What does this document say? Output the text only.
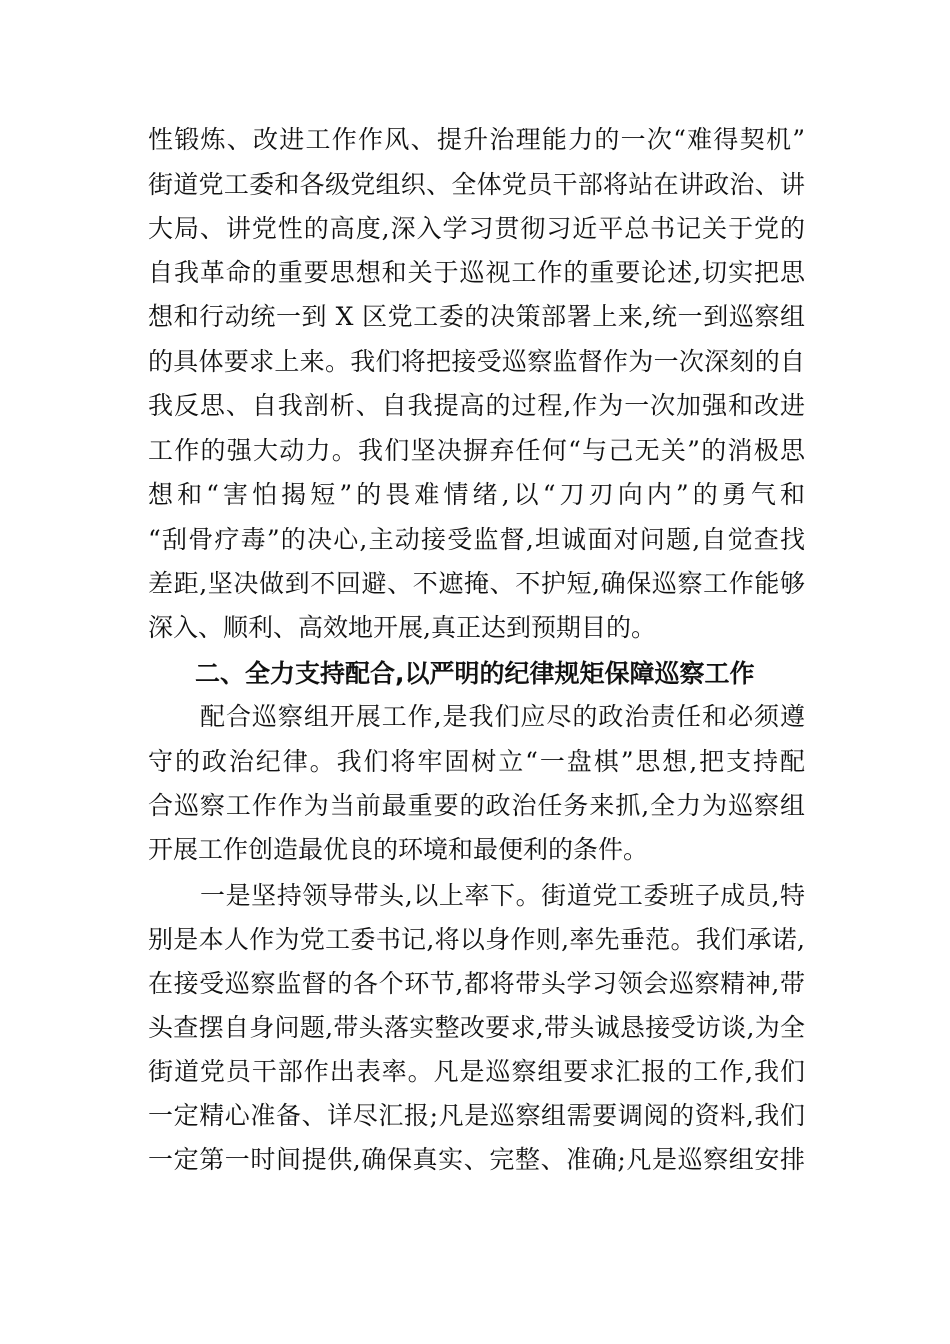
性锻炼、改进工作作风、提升治理能力的一次“难得契机”
街道党工委和各级党组织、全体党员干部将站在讲政治、讲
大局、讲党性的高度,深入学习贯彻习近平总书记关于党的
自我革命的重要思想和关于巡视工作的重要论述,切实把思
想和行动统一到 X 区党工委的决策部署上来,统一到巡察组
的具体要求上来。我们将把接受巡察监督作为一次深刻的自
我反思、自我剖析、自我提高的过程,作为一次加强和改进
工作的强大动力。我们坚决摒弃任何“与己无关”的消极思
想和“害怕揭短”的畏难情绪,以“刀刃向内”的勇气和
“刮骨疗毒”的决心,主动接受监督,坦诚面对问题,自觉查找
差距,坚决做到不回避、不遮掩、不护短,确保巡察工作能够
深入、顺利、高效地开展,真正达到预期目的。
二、全力支持配合,以严明的纪律规矩保障巡察工作
配合巡察组开展工作,是我们应尽的政治责任和必须遵
守的政治纪律。我们将牢固树立“一盘棋”思想,把支持配
合巡察工作作为当前最重要的政治任务来抓,全力为巡察组
开展工作创造最优良的环境和最便利的条件。
一是坚持领导带头,以上率下。街道党工委班子成员,特
别是本人作为党工委书记,将以身作则,率先垂范。我们承诺,
在接受巡察监督的各个环节,都将带头学习领会巡察精神,带
头查摆自身问题,带头落实整改要求,带头诚恳接受访谈,为全
街道党员干部作出表率。凡是巡察组要求汇报的工作,我们
一定精心准备、详尽汇报;凡是巡察组需要调阅的资料,我们
一定第一时间提供,确保真实、完整、准确;凡是巡察组安排
